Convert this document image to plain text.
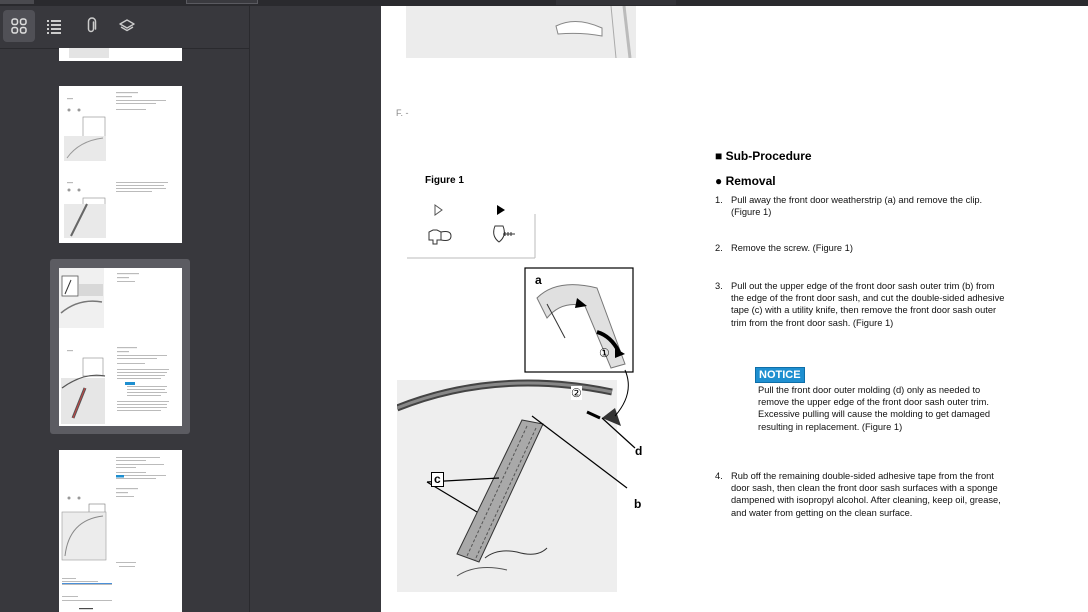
F. -
Figure 1
a
b
c
d
①
②
■ Sub-Procedure
● Removal
1. Pull away the front door weatherstrip (a) and remove the clip. (Figure 1)
2. Remove the screw. (Figure 1)
3. Pull out the upper edge of the front door sash outer trim (b) from the edge of the front door sash, and cut the double-sided adhesive tape (c) with a utility knife, then remove the front door sash outer trim from the front door sash. (Figure 1)
NOTICE
Pull the front door outer molding (d) only as needed to remove the upper edge of the front door sash outer trim. Excessive pulling will cause the molding to get damaged resulting in replacement. (Figure 1)
4. Rub off the remaining double-sided adhesive tape from the front door sash, then clean the front door sash surfaces with a sponge dampened with isopropyl alcohol. After cleaning, keep oil, grease, and water from getting on the clean surface.
